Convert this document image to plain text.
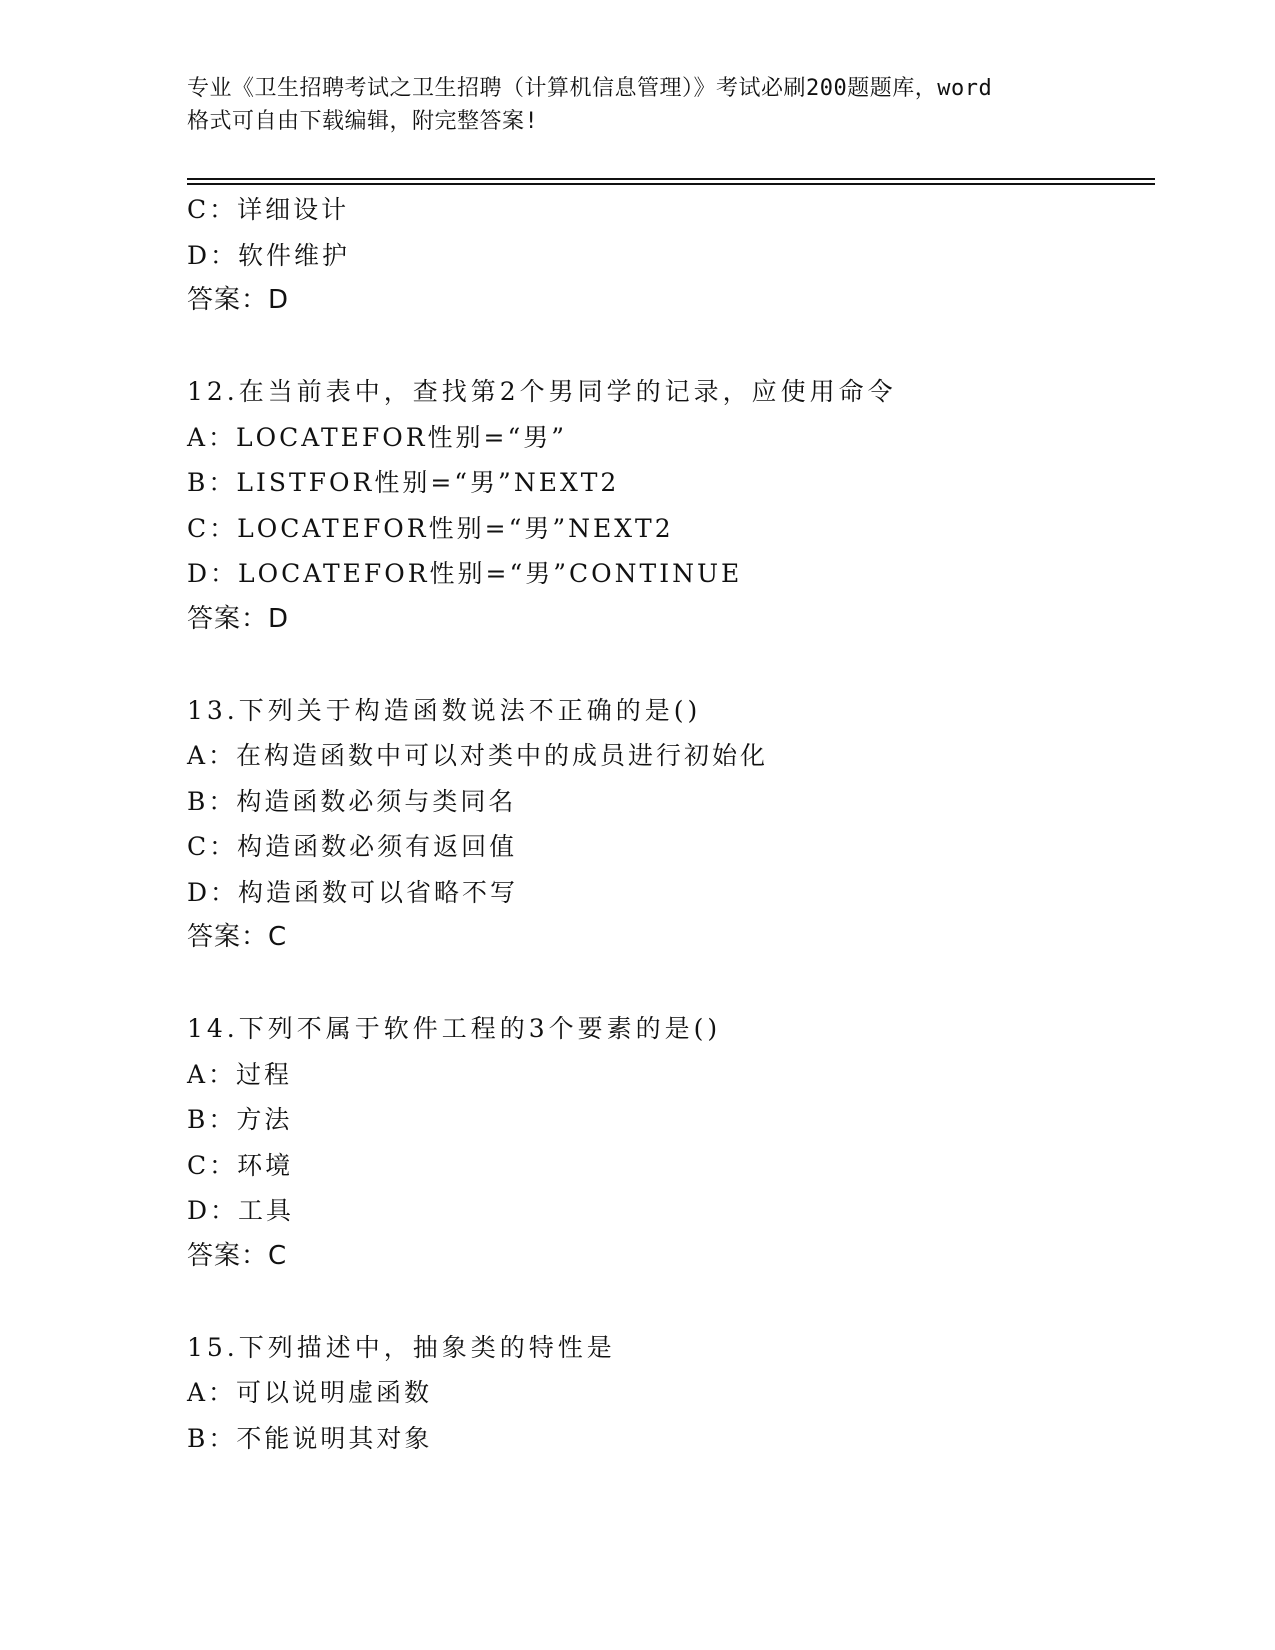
专业《卫生招聘考试之卫生招聘（计算机信息管理）》考试必刷200题题库，word
格式可自由下载编辑，附完整答案!
C：详细设计
D：软件维护
答案：D
12.在当前表中，查找第2个男同学的记录，应使用命令
A：LOCATEFOR性别=“男”
B：LISTFOR性别=“男”NEXT2
C：LOCATEFOR性别=“男”NEXT2
D：LOCATEFOR性别=“男”CONTINUE
答案：D
13.下列关于构造函数说法不正确的是()
A：在构造函数中可以对类中的成员进行初始化
B：构造函数必须与类同名
C：构造函数必须有返回值
D：构造函数可以省略不写
答案：C
14.下列不属于软件工程的3个要素的是()
A：过程
B：方法
C：环境
D：工具
答案：C
15.下列描述中，抽象类的特性是
A：可以说明虚函数
B：不能说明其对象
